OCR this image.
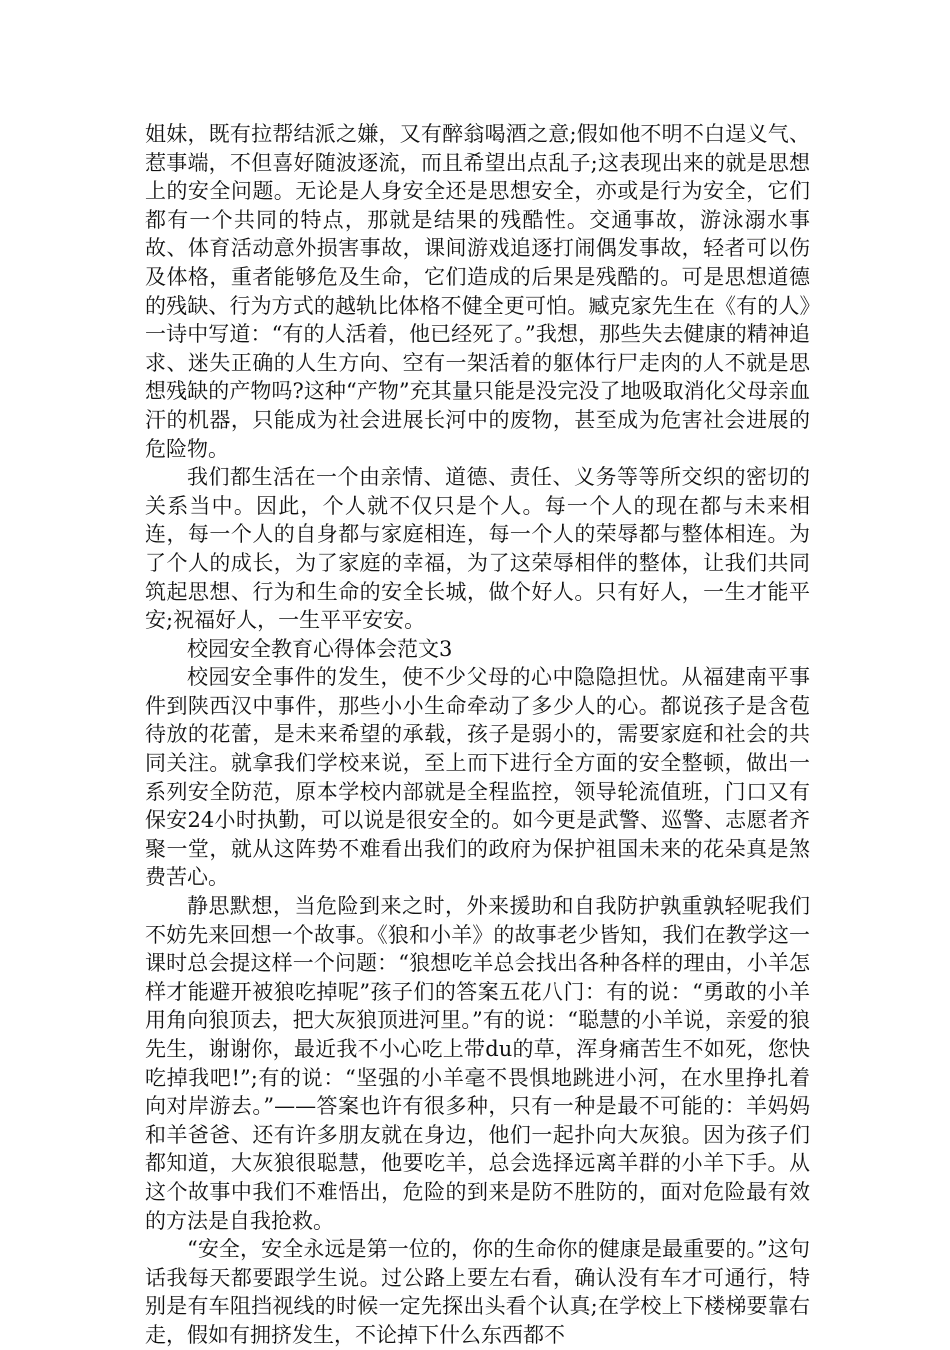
姐妹，既有拉帮结派之嫌，又有醉翁喝酒之意;假如他不明不白逞义气、惹事端，不但喜好随波逐流，而且希望出点乱子;这表现出来的就是思想上的安全问题。无论是人身安全还是思想安全，亦或是行为安全，它们都有一个共同的特点，那就是结果的残酷性。交通事故，游泳溺水事故、体育活动意外损害事故，课间游戏追逐打闹偶发事故，轻者可以伤及体格，重者能够危及生命，它们造成的后果是残酷的。可是思想道德的残缺、行为方式的越轨比体格不健全更可怕。臧克家先生在《有的人》一诗中写道：“有的人活着，他已经死了。”我想，那些失去健康的精神追求、迷失正确的人生方向、空有一架活着的躯体行尸走肉的人不就是思想残缺的产物吗?这种“产物”充其量只能是没完没了地吸取消化父母亲血汗的机器，只能成为社会进展长河中的废物，甚至成为危害社会进展的危险物。

我们都生活在一个由亲情、道德、责任、义务等等所交织的密切的关系当中。因此，个人就不仅只是个人。每一个人的现在都与未来相连，每一个人的自身都与家庭相连，每一个人的荣辱都与整体相连。为了个人的成长，为了家庭的幸福，为了这荣辱相伴的整体，让我们共同筑起思想、行为和生命的安全长城，做个好人。只有好人，一生才能平安;祝福好人，一生平平安安。

校园安全教育心得体会范文3

校园安全事件的发生，使不少父母的心中隐隐担忧。从福建南平事件到陕西汉中事件，那些小小生命牵动了多少人的心。都说孩子是含苞待放的花蕾，是未来希望的承载，孩子是弱小的，需要家庭和社会的共同关注。就拿我们学校来说，至上而下进行全方面的安全整顿，做出一系列安全防范，原本学校内部就是全程监控，领导轮流值班，门口又有保安24小时执勤，可以说是很安全的。如今更是武警、巡警、志愿者齐聚一堂，就从这阵势不难看出我们的政府为保护祖国未来的花朵真是煞费苦心。

静思默想，当危险到来之时，外来援助和自我防护孰重孰轻呢我们不妨先来回想一个故事。《狼和小羊》的故事老少皆知，我们在教学这一课时总会提这样一个问题：“狼想吃羊总会找出各种各样的理由，小羊怎样才能避开被狼吃掉呢”孩子们的答案五花八门：有的说：“勇敢的小羊用角向狼顶去，把大灰狼顶进河里。”有的说：“聪慧的小羊说，亲爱的狼先生，谢谢你，最近我不小心吃上带du的草，浑身痛苦生不如死，您快吃掉我吧!”;有的说：“坚强的小羊毫不畏惧地跳进小河，在水里挣扎着向对岸游去。”——答案也许有很多种，只有一种是最不可能的：羊妈妈和羊爸爸、还有许多朋友就在身边，他们一起扑向大灰狼。因为孩子们都知道，大灰狼很聪慧，他要吃羊，总会选择远离羊群的小羊下手。从这个故事中我们不难悟出，危险的到来是防不胜防的，面对危险最有效的方法是自我抢救。

“安全，安全永远是第一位的，你的生命你的健康是最重要的。”这句话我每天都要跟学生说。过公路上要左右看，确认没有车才可通行，特别是有车阻挡视线的时候一定先探出头看个认真;在学校上下楼梯要靠右走，假如有拥挤发生，不论掉下什么东西都不
